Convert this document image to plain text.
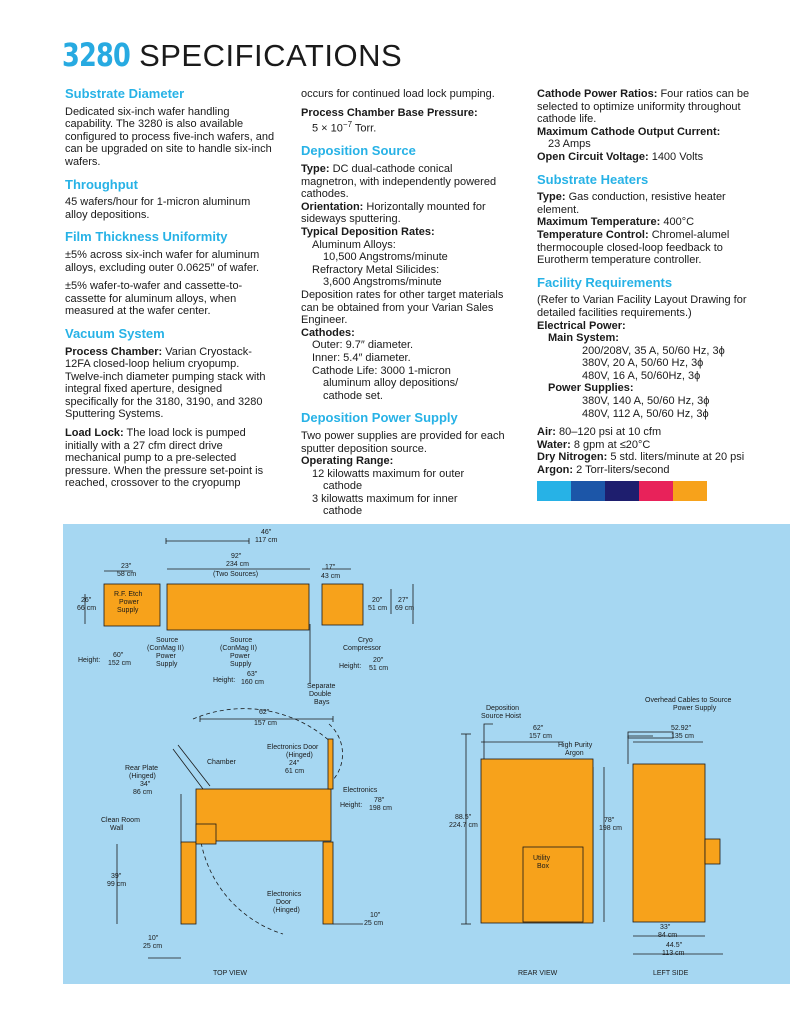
3280 SPECIFICATIONS
Substrate Diameter

Dedicated six-inch wafer handling capability. The 3280 is also available configured to process five-inch wafers, and can be upgraded on site to handle six-inch wafers.

Throughput

45 wafers/hour for 1-micron aluminum alloy depositions.

Film Thickness Uniformity

±5% across six-inch wafer for aluminum alloys, excluding outer 0.0625″ of wafer.

±5% wafer-to-wafer and cassette-to-cassette for aluminum alloys, when measured at the wafer center.

Vacuum System

Process Chamber: Varian Cryostack-12FA closed-loop helium cryopump. Twelve-inch diameter pumping stack with integral fixed aperture, designed specifically for the 3180, 3190, and 3280 Sputtering Systems.

Load Lock: The load lock is pumped initially with a 27 cfm direct drive mechanical pump to a pre-selected pressure. When the pressure set-point is reached, crossover to the cryopump

occurs for continued load lock pumping.

Process Chamber Base Pressure:

$5 \times 10^{-7}$ Torr.

Deposition Source
Type: DC dual-cathode conical magnetron, with independently powered cathodes.
Orientation: Horizontally mounted for sideways sputtering.
Typical Deposition Rates:
Aluminum Alloys:
10,500 Angstroms/minute
Refractory Metal Silicides:
3,600 Angstroms/minute
Deposition rates for other target materials can be obtained from your Varian Sales Engineer.
Cathodes:
Outer: 9.7″ diameter.
Inner: 5.4″ diameter.
Cathode Life: 3000 1-micron
aluminum alloy depositions/
cathode set.
Deposition Power Supply
Two power supplies are provided for each sputter deposition source.
Operating Range:
12 kilowatts maximum for outer
cathode
3 kilowatts maximum for inner
cathode
Cathode Power Ratios: Four ratios can be selected to optimize uniformity throughout cathode life.
Maximum Cathode Output Current:
23 Amps
Open Circuit Voltage: 1400 Volts
Substrate Heaters
Type: Gas conduction, resistive heater element.
Maximum Temperature: 400°C
Temperature Control: Chromel-alumel thermocouple closed-loop feedback to Eurotherm temperature controller.
Facility Requirements
(Refer to Varian Facility Layout Drawing for detailed facilities requirements.)
Electrical Power:
Main System:
200/208V, 35 A, 50/60 Hz, 3ϕ
380V, 20 A, 50/60 Hz, 3ϕ
480V, 16 A, 50/60Hz, 3ϕ
Power Supplies:
380V, 140 A, 50/60 Hz, 3ϕ
480V, 112 A, 50/60 Hz, 3ϕ
Air: 80–120 psi at 10 cfm
Water: 8 gpm at ≤20°C
Dry Nitrogen: 5 std. liters/minute at 20 psi
Argon: 2 Torr-liters/second
46″
117 cm
92″
234 cm
(Two Sources)
23″
58 cm
26″
66 cm
R.F. Etch
Power
Supply
Height:
60″
152 cm
Source
(ConMag II)
Power
Supply
Source
(ConMag II)
Power
Supply
Height:
63″
160 cm
17″
43 cm
20″
51 cm
27″
69 cm
Cryo
Compressor
Height:
20″
51 cm
Separate
Double
Bays
62″
157 cm
Electronics Door
(Hinged)
24″
61 cm
Chamber
Rear Plate
(Hinged)
34″
86 cm	Electronics
Height:
78″
198 cm
Clean Room
Wall
39″
99 cm
Electronics
Door
(Hinged)
10″
25 cm
10″
25 cm
TOP VIEW
Deposition
Source Hoist
62″
157 cm
High Purity
Argon
88.5″
224.7 cm
Utility
Box
REAR VIEW
Overhead Cables to Source
Power Supply
52.92″
135 cm
78″
198 cm
33″
84 cm
44.5″
113 cm
LEFT SIDE
